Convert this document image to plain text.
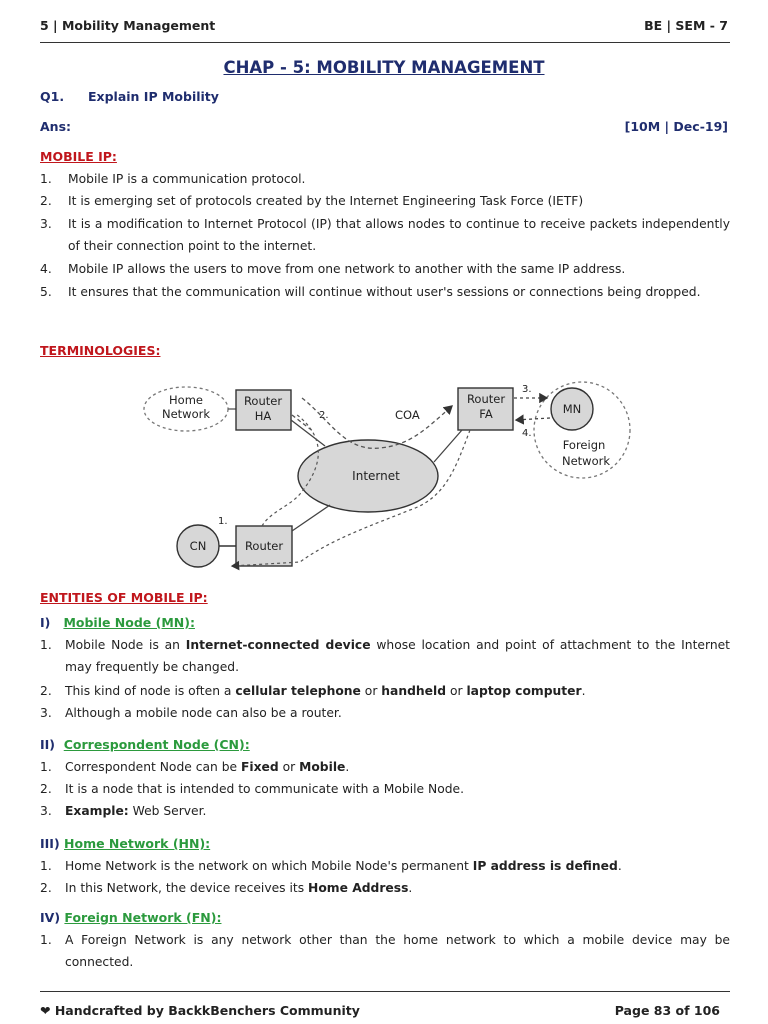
5 | Mobility Management	BE | SEM - 7
CHAP - 5: MOBILITY MANAGEMENT
Q1. Explain IP Mobility
Ans:	[10M | Dec-19]
MOBILE IP:
1.	Mobile IP is a communication protocol.
2.	It is emerging set of protocols created by the Internet Engineering Task Force (IETF)
3.	It is a modification to Internet Protocol (IP) that allows nodes to continue to receive packets independently of their connection point to the internet.
4.	Mobile IP allows the users to move from one network to another with the same IP address.
5.	It ensures that the communication will continue without user's sessions or connections being dropped.
TERMINOLOGIES:
Home
Network
Router
HA
Internet
Router
FA	MN
Foreign
Network
CN	Router
2.	COA
3.
4.
1.
ENTITIES OF MOBILE IP:
I) Mobile Node (MN):
1.	Mobile Node is an Internet-connected device whose location and point of attachment to the Internet may frequently be changed.
2.	This kind of node is often a cellular telephone or handheld or laptop computer.
3.	Although a mobile node can also be a router.
II) Correspondent Node (CN):
1.	Correspondent Node can be Fixed or Mobile.
2.	It is a node that is intended to communicate with a Mobile Node.
3.	Example: Web Server.
III) Home Network (HN):
1.	Home Network is the network on which Mobile Node's permanent IP address is defined.
2.	In this Network, the device receives its Home Address.
IV) Foreign Network (FN):
1.	A Foreign Network is any network other than the home network to which a mobile device may be connected.
❤ Handcrafted by BackkBenchers Community	Page 83 of 106
